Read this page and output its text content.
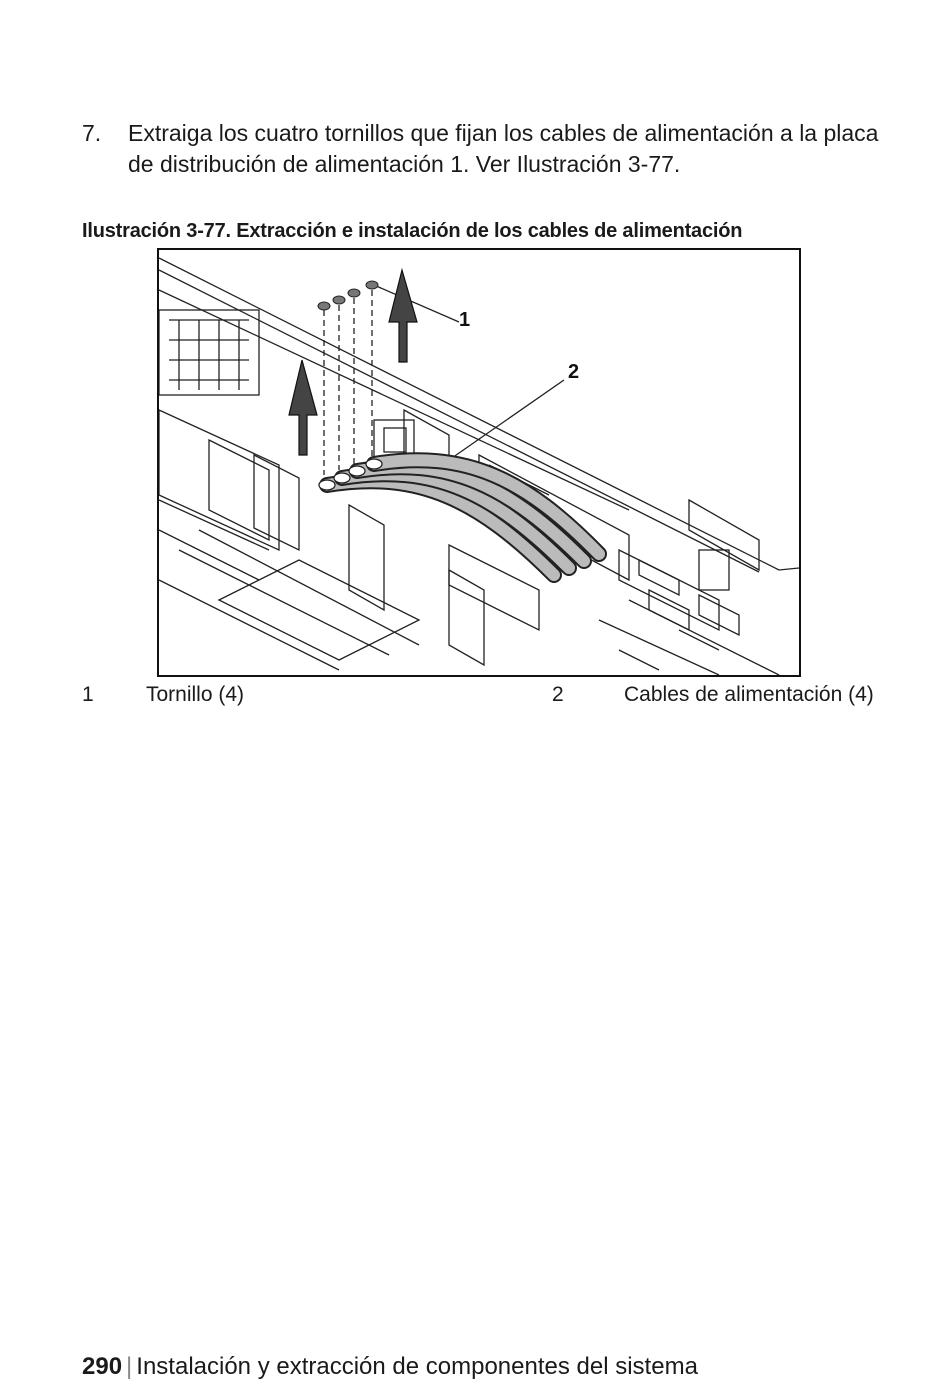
7.	Extraiga los cuatro tornillos que fijan los cables de alimentación a la placa de distribución de alimentación 1. Ver Ilustración 3-77.
Ilustración 3-77. Extracción e instalación de los cables de alimentación
1
2
1 Tornillo (4)	2	Cables de alimentación (4)
290 | Instalación y extracción de componentes del sistema
